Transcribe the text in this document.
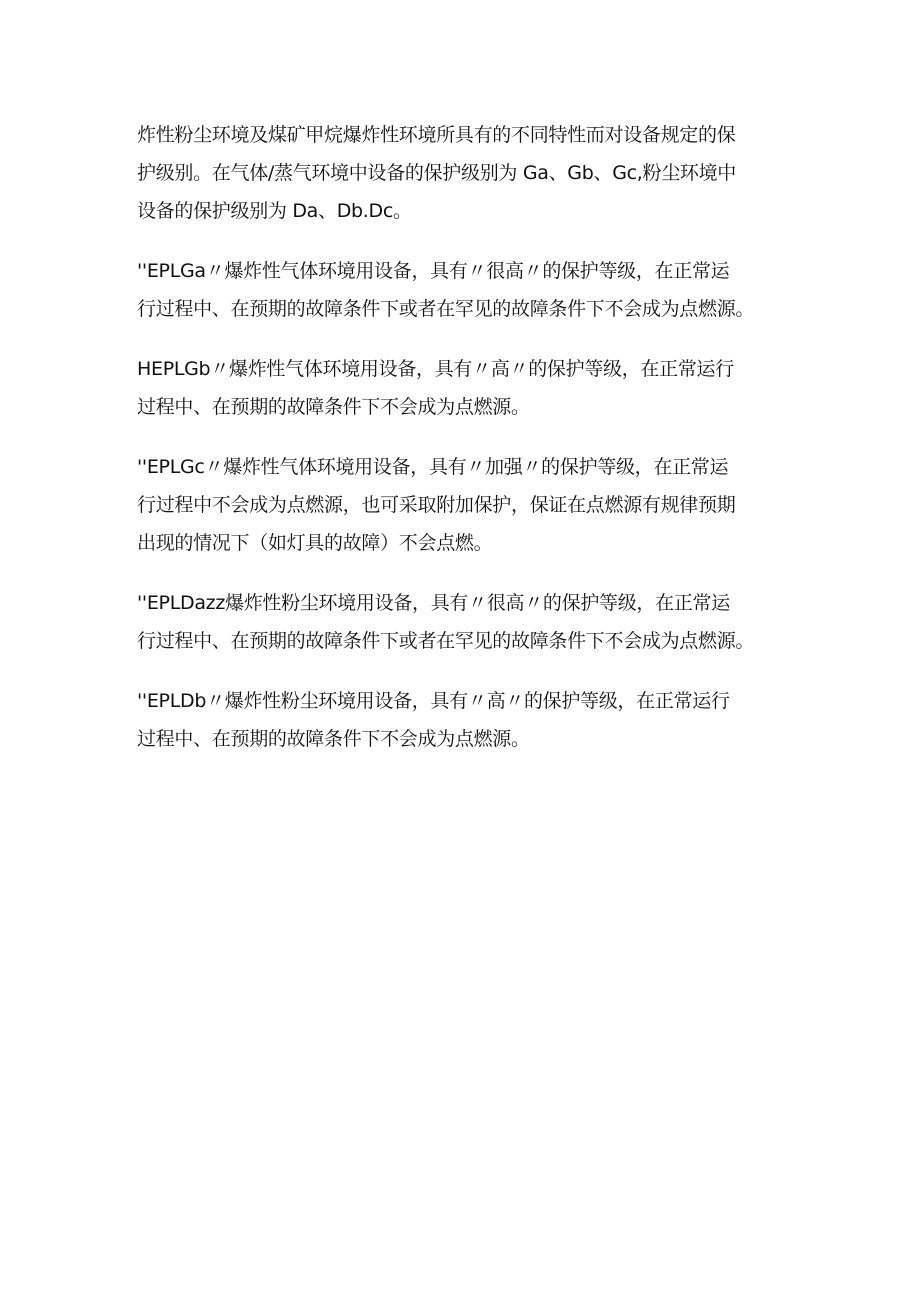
炸性粉尘环境及煤矿甲烷爆炸性环境所具有的不同特性而对设备规定的保
护级别。在气体/蒸气环境中设备的保护级别为 Ga、Gb、Gc,粉尘环境中
设备的保护级别为 Da、Db.Dc。

''EPLGa〃爆炸性气体环境用设备，具有〃很高〃的保护等级，在正常运
行过程中、在预期的故障条件下或者在罕见的故障条件下不会成为点燃源。

HEPLGb〃爆炸性气体环境用设备，具有〃高〃的保护等级，在正常运行
过程中、在预期的故障条件下不会成为点燃源。

''EPLGc〃爆炸性气体环境用设备，具有〃加强〃的保护等级，在正常运
行过程中不会成为点燃源，也可采取附加保护，保证在点燃源有规律预期
出现的情况下（如灯具的故障）不会点燃。

''EPLDazz爆炸性粉尘环境用设备，具有〃很高〃的保护等级，在正常运
行过程中、在预期的故障条件下或者在罕见的故障条件下不会成为点燃源。

''EPLDb〃爆炸性粉尘环境用设备，具有〃高〃的保护等级，在正常运行
过程中、在预期的故障条件下不会成为点燃源。
